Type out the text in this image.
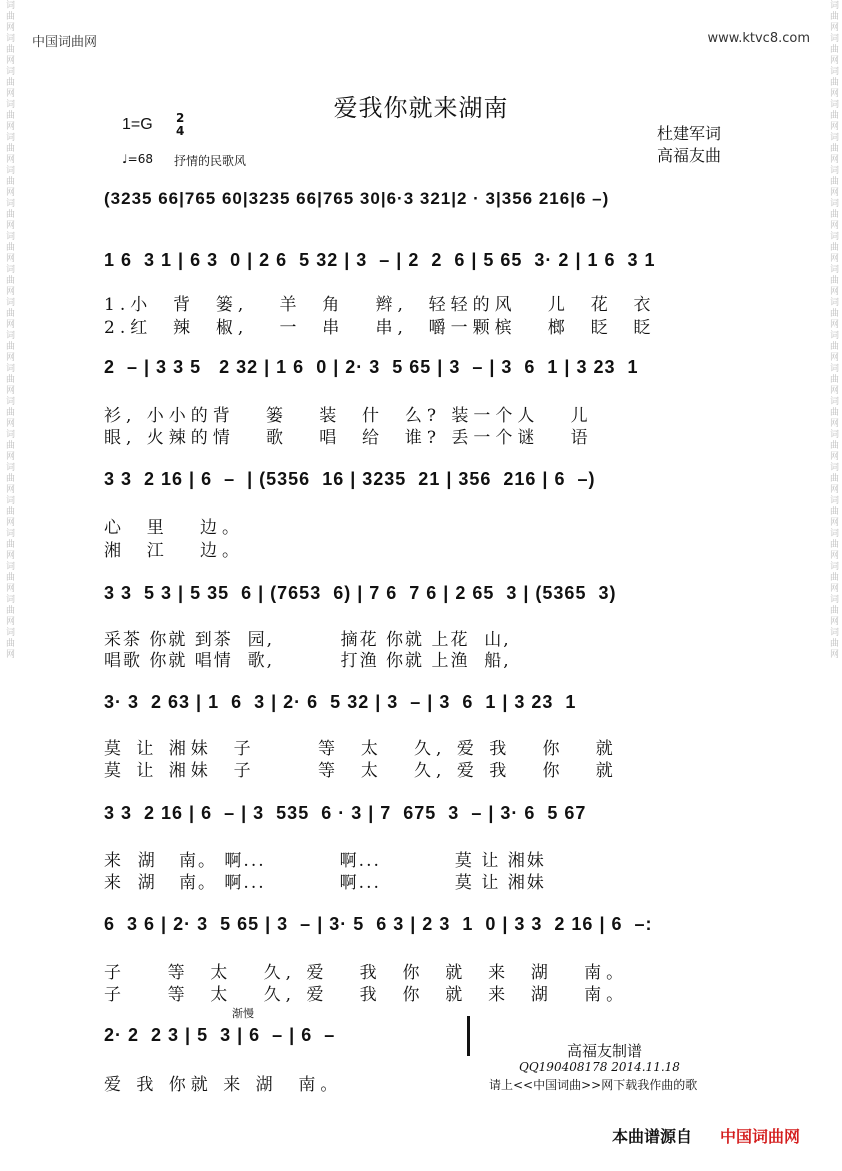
词曲网词曲网词曲网词曲网词曲网词曲网词曲网词曲网词曲网词曲网词曲网词曲网词曲网词曲网词曲网词曲网词曲网词曲网词曲网词曲网	词曲网词曲网词曲网词曲网词曲网词曲网词曲网词曲网词曲网词曲网词曲网词曲网词曲网词曲网词曲网词曲网词曲网词曲网词曲网词曲网
中国词曲网	www.ktvc8.com
爱我你就来湖南
1=G 2
4
♩=68 抒情的民歌风
杜建军词
高福友曲
(3235 66|765 60|3235 66|765 30|6·3 321|2 · 3|356 216|6 –)
1 6  3 1 | 6 3  0 | 2 6  5 32 | 3  – | 2  2  6 | 5 65  3· 2 | 1 6  3 1
1.小  背  篓,   羊  角   辫,  轻轻的风   儿  花  衣
2.红  辣  椒,   一  串   串,  嚼一颗槟   榔  眨  眨
2  – | 3 3 5   2 32 | 1 6  0 | 2· 3  5 65 | 3  – | 3  6  1 | 3 23  1
衫, 小小的背   篓   装  什  么? 装一个人   儿
眼, 火辣的情   歌   唱  给  谁? 丢一个谜   语
3 3  2 16 | 6  –  | (5356  16 | 3235  21 | 356  216 | 6  –)
心  里   边。
湘  江   边。
3 3  5 3 | 5 35  6 | (7653  6) | 7 6  7 6 | 2 65  3 | (5365  3)
采茶 你就 到茶  园,         摘花 你就 上花  山,
唱歌 你就 唱情  歌,         打渔 你就 上渔  船,
3· 3  2 63 | 1  6  3 | 2· 6  5 32 | 3  – | 3  6  1 | 3 23  1
莫 让 湘妹  子      等  太   久, 爱 我   你   就
莫 让 湘妹  子      等  太   久, 爱 我   你   就
3 3  2 16 | 6  – | 3  535  6 · 3 | 7  675  3  – | 3· 6  5 67
来  湖   南。 啊...          啊...          莫 让 湘妹
来  湖   南。 啊...          啊...          莫 让 湘妹
6  3 6 | 2· 3  5 65 | 3  – | 3· 5  6 3 | 2 3  1  0 | 3 3  2 16 | 6  –:
子    等  太   久, 爱   我  你  就  来  湖   南。
子    等  太   久, 爱   我  你  就  来  湖   南。
渐慢
2· 2  2 3 | 5  3 | 6  – | 6  –
爱 我 你就 来 湖  南。
高福友制谱
QQ190408178 2014.11.18
请上<<中国词曲>>网下载我作曲的歌
本曲谱源自 中国词曲网
